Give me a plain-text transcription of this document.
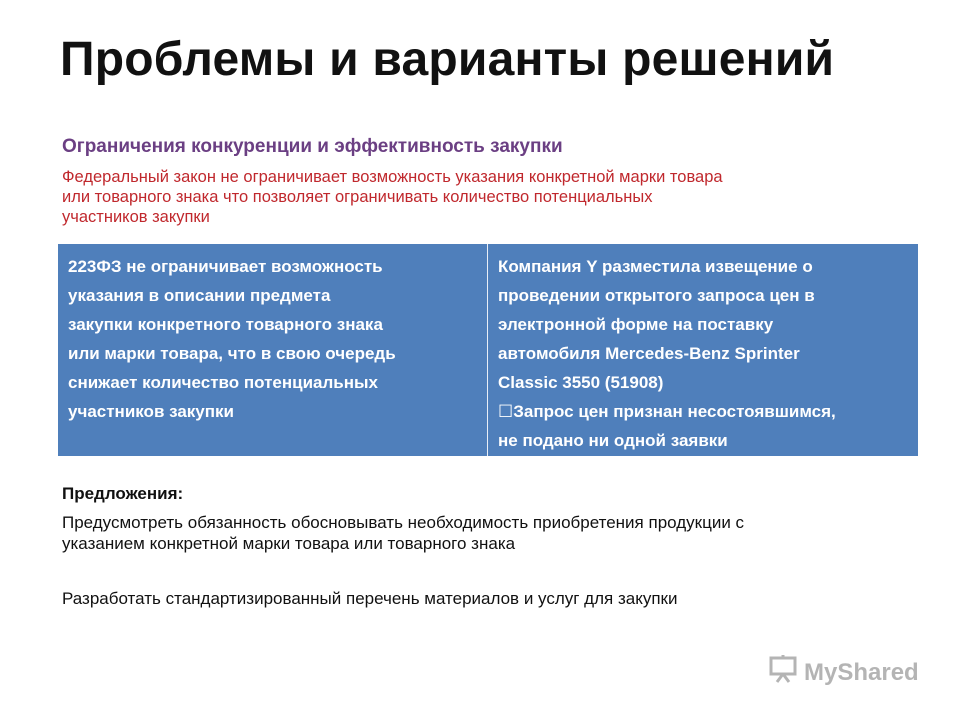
Проблемы и варианты решений
Ограничения конкуренции и эффективность закупки
Федеральный закон не ограничивает возможность указания конкретной марки товара
или товарного знака что позволяет ограничивать количество потенциальных
участников закупки
223ФЗ не ограничивает возможность
указания в описании предмета
закупки конкретного товарного знака
или марки товара, что в свою очередь
снижает количество потенциальных
участников закупки
Компания Y разместила извещение о
проведении открытого запроса цен в
электронной форме на поставку
автомобиля Mercedes-Benz Sprinter
Classic 3550 (51908)
☐Запрос цен признан несостоявшимся,
не подано ни одной заявки
Предложения:
Предусмотреть обязанность обосновывать необходимость приобретения продукции с
указанием конкретной марки товара или товарного знака
Разработать стандартизированный перечень материалов и услуг для закупки
MyShared
